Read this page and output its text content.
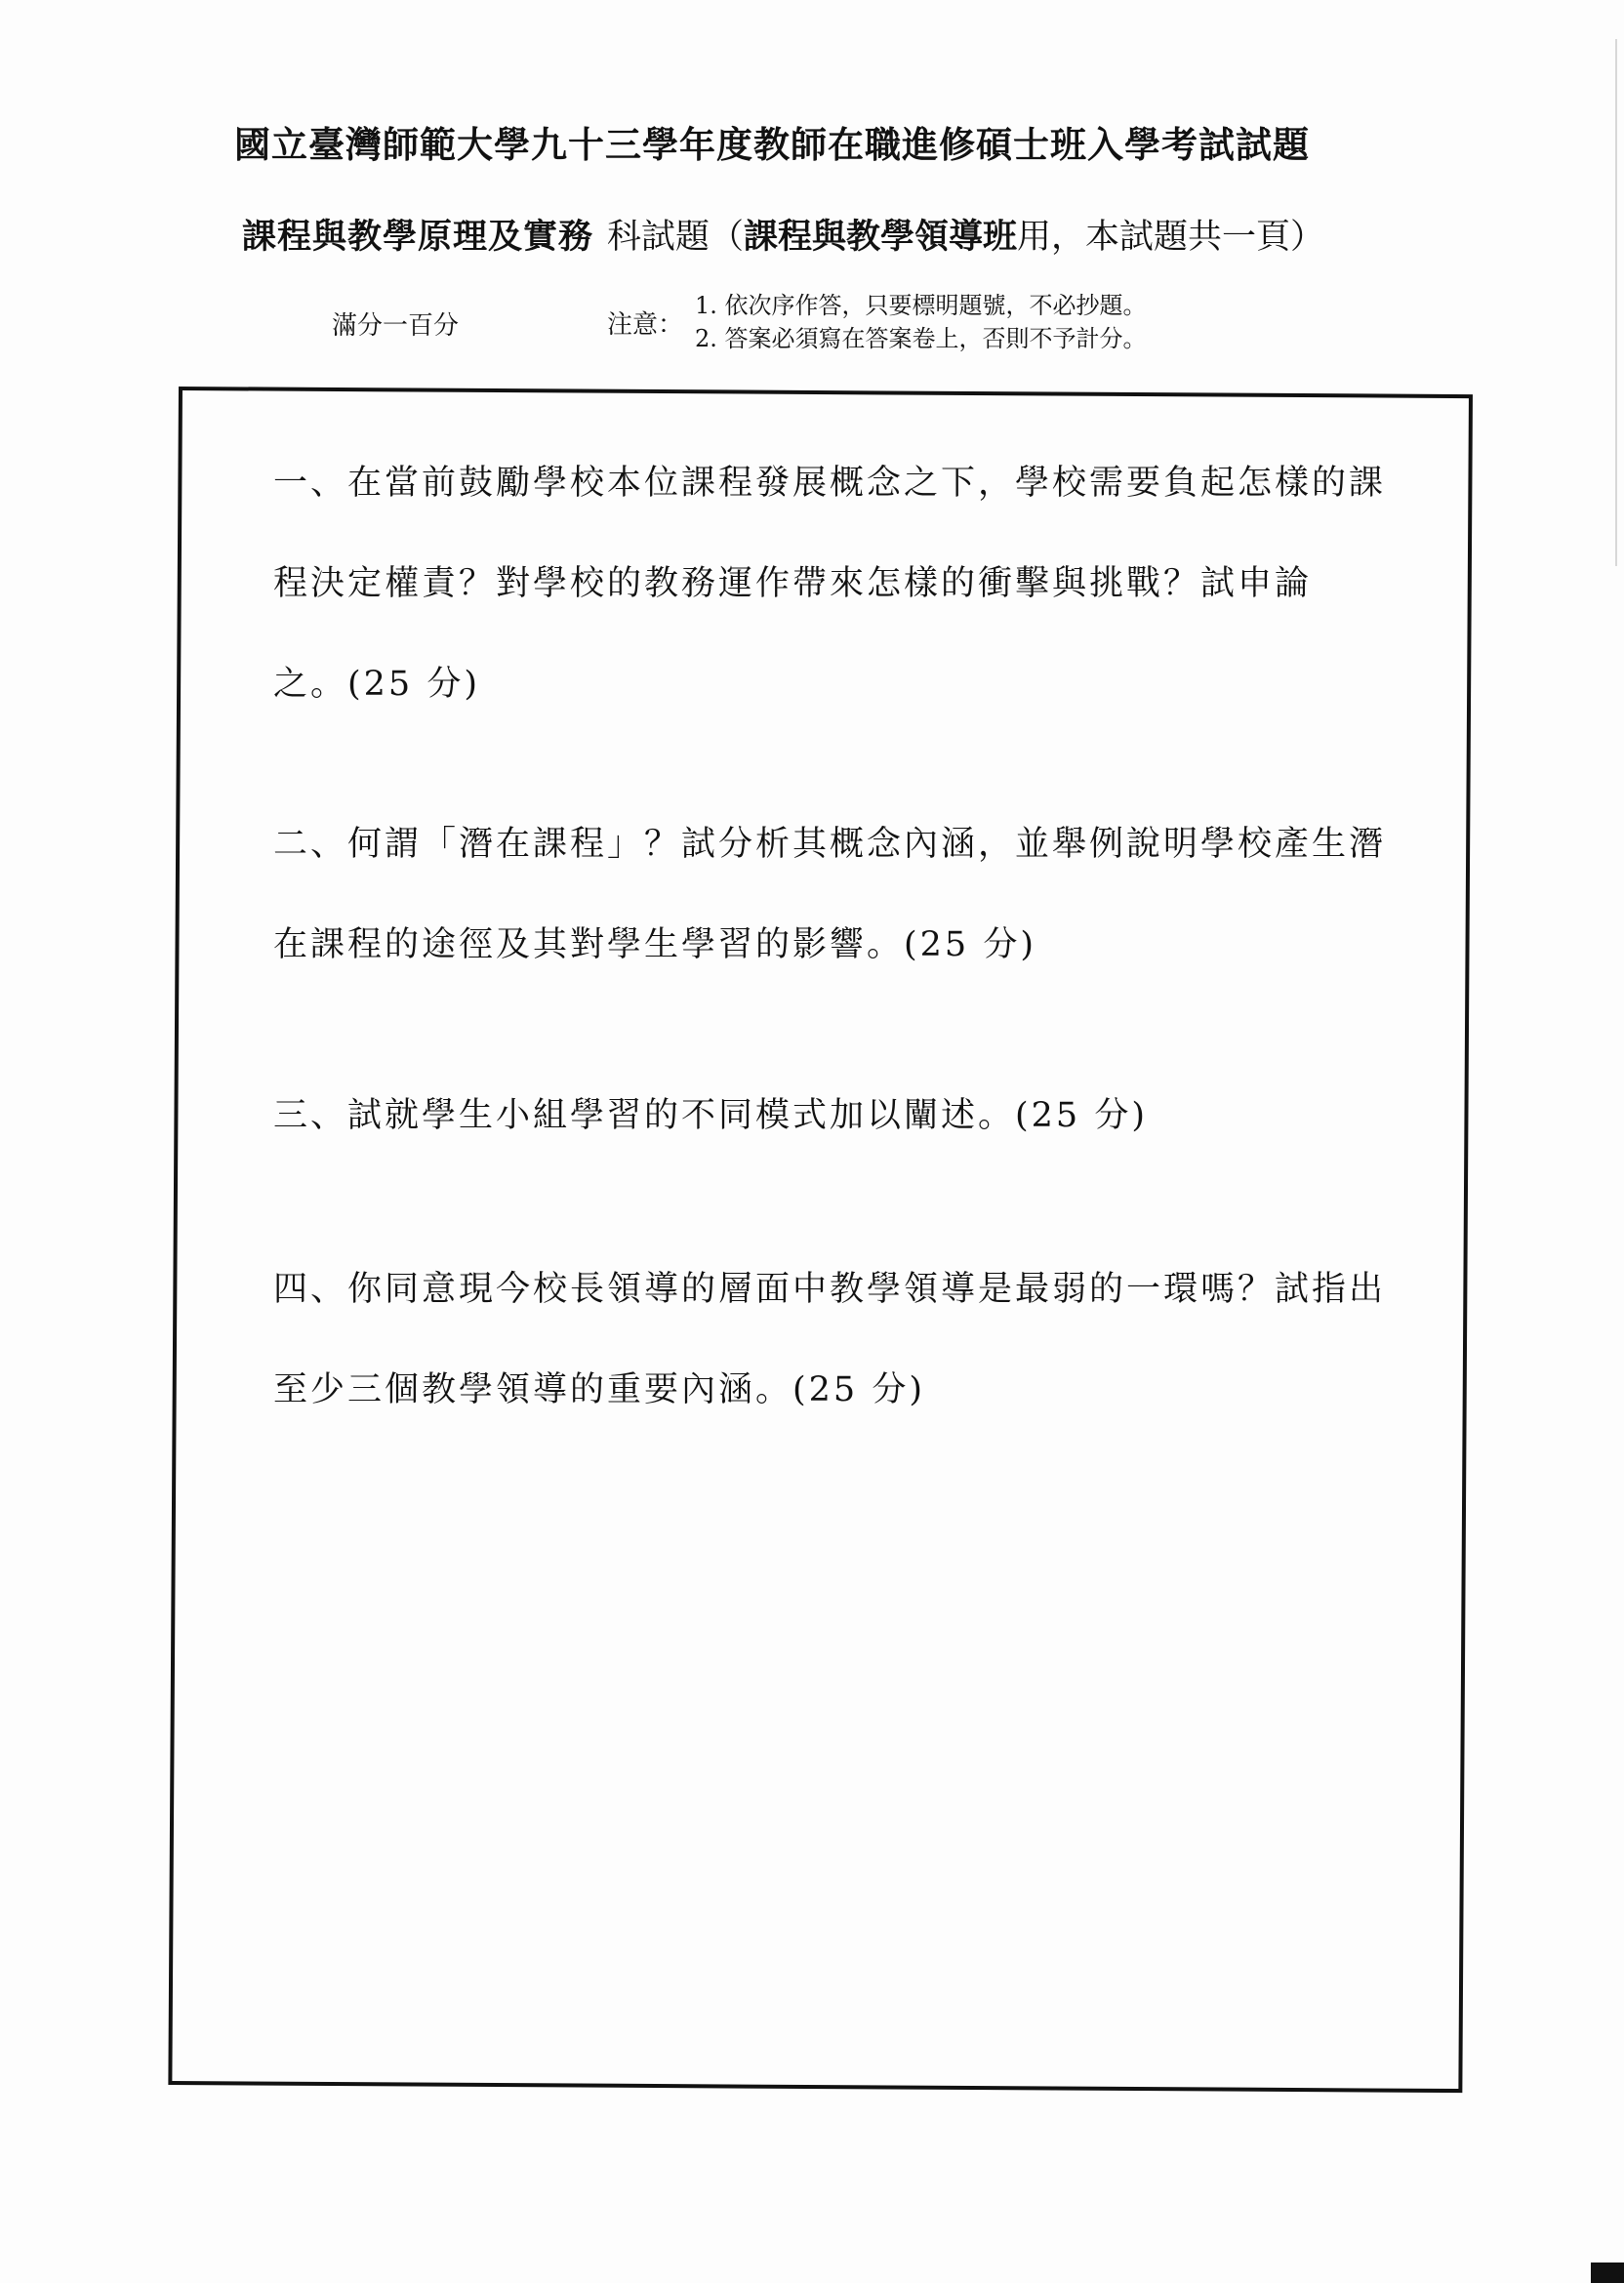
國立臺灣師範大學九十三學年度教師在職進修碩士班入學考試試題
課程與教學原理及實務 科試題（課程與教學領導班用，本試題共一頁）
滿分一百分	注意：
1. 依次序作答，只要標明題號，不必抄題。
2. 答案必須寫在答案卷上，否則不予計分。
一、在當前鼓勵學校本位課程發展概念之下，學校需要負起怎樣的課
程決定權責？對學校的教務運作帶來怎樣的衝擊與挑戰？試申論
之。(25 分)
二、何謂「潛在課程」？試分析其概念內涵，並舉例說明學校產生潛
在課程的途徑及其對學生學習的影響。(25 分)
三、試就學生小組學習的不同模式加以闡述。(25 分)
四、你同意現今校長領導的層面中教學領導是最弱的一環嗎？試指出
至少三個教學領導的重要內涵。(25 分)
